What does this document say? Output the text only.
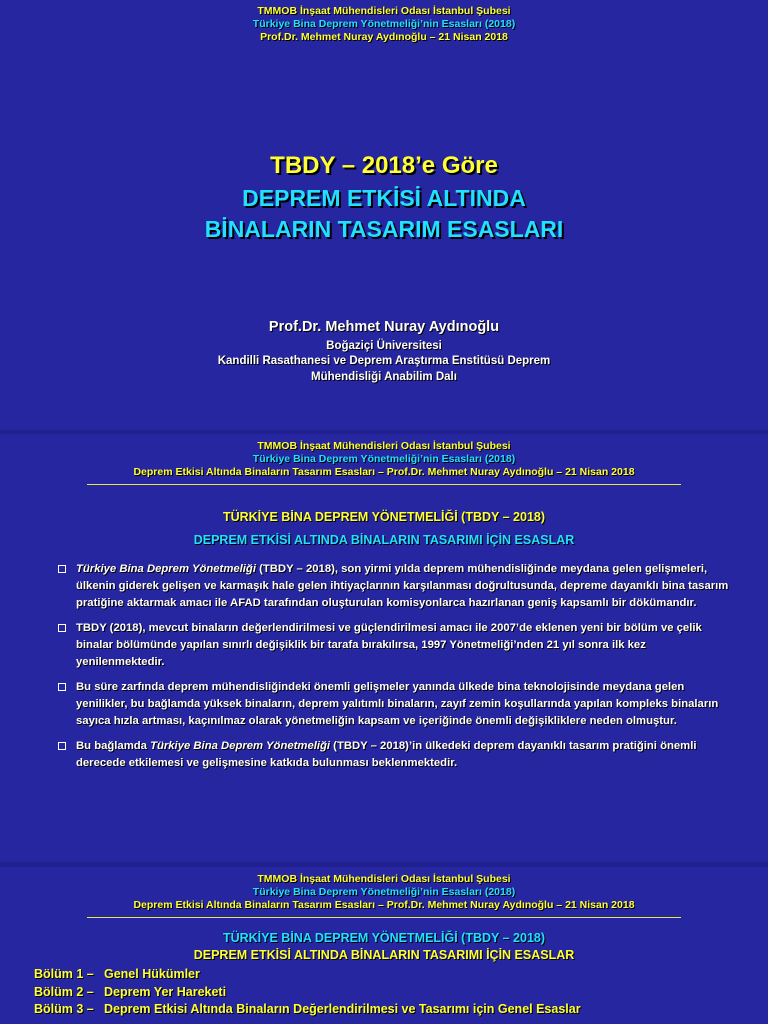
TMMOB İnşaat Mühendisleri Odası İstanbul Şubesi
Türkiye Bina Deprem Yönetmeliği’nin Esasları (2018)
Prof.Dr. Mehmet Nuray Aydınoğlu – 21 Nisan 2018
TBDY – 2018’e Göre
DEPREM ETKİSİ ALTINDA
BİNALARIN TASARIM ESASLARI
Prof.Dr. Mehmet Nuray Aydınoğlu
Boğaziçi Üniversitesi
Kandilli Rasathanesi ve Deprem Araştırma Enstitüsü Deprem
Mühendisliği Anabilim Dalı
TMMOB İnşaat Mühendisleri Odası İstanbul Şubesi
Türkiye Bina Deprem Yönetmeliği’nin Esasları (2018)
Deprem Etkisi Altında Binaların Tasarım Esasları – Prof.Dr. Mehmet Nuray Aydınoğlu – 21 Nisan 2018
TÜRKİYE BİNA DEPREM YÖNETMELİĞİ (TBDY – 2018)
DEPREM ETKİSİ ALTINDA BİNALARIN TASARIMI İÇİN ESASLAR
Türkiye Bina Deprem Yönetmeliği (TBDY – 2018), son yirmi yılda deprem mühendisliğinde meydana gelen gelişmeleri, ülkenin giderek gelişen ve karmaşık hale gelen ihtiyaçlarının karşılanması doğrultusunda, depreme dayanıklı bina tasarım pratiğine aktarmak amacı ile AFAD tarafından oluşturulan komisyonlarca hazırlanan geniş kapsamlı bir dökümandır.
TBDY (2018), mevcut binaların değerlendirilmesi ve güçlendirilmesi amacı ile 2007’de eklenen yeni bir bölüm ve çelik binalar bölümünde yapılan sınırlı değişiklik bir tarafa bırakılırsa, 1997 Yönetmeliği’nden 21 yıl sonra ilk kez yenilenmektedir.
Bu süre zarfında deprem mühendisliğindeki önemli gelişmeler yanında ülkede bina teknolojisinde meydana gelen yenilikler, bu bağlamda yüksek binaların, deprem yalıtımlı binaların, zayıf zemin koşullarında yapılan kompleks binaların sayıca hızla artması, kaçınılmaz olarak yönetmeliğin kapsam ve içeriğinde önemli değişikliklere neden olmuştur.
Bu bağlamda Türkiye Bina Deprem Yönetmeliği (TBDY – 2018)’in ülkedeki deprem dayanıklı tasarım pratiğini önemli derecede etkilemesi ve gelişmesine katkıda bulunması beklenmektedir.
TMMOB İnşaat Mühendisleri Odası İstanbul Şubesi
Türkiye Bina Deprem Yönetmeliği’nin Esasları (2018)
Deprem Etkisi Altında Binaların Tasarım Esasları – Prof.Dr. Mehmet Nuray Aydınoğlu – 21 Nisan 2018
TÜRKİYE BİNA DEPREM YÖNETMELİĞİ (TBDY – 2018)
DEPREM ETKİSİ ALTINDA BİNALARIN TASARIMI İÇİN ESASLAR
Bölüm 1 – Genel Hükümler
Bölüm 2 – Deprem Yer Hareketi
Bölüm 3 – Deprem Etkisi Altında Binaların Değerlendirilmesi ve Tasarımı için Genel Esaslar
